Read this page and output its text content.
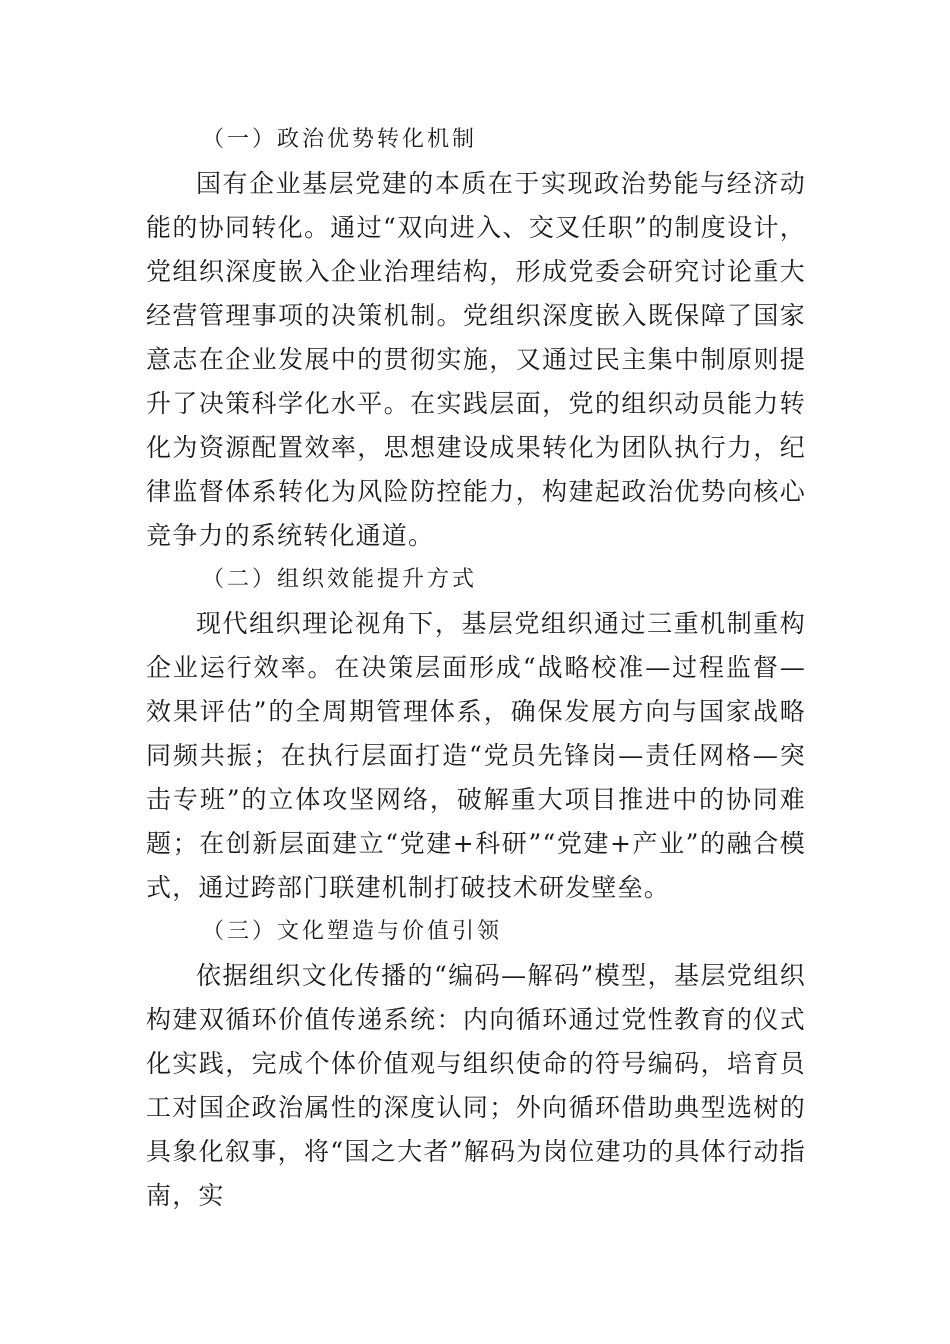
（一）政治优势转化机制

国有企业基层党建的本质在于实现政治势能与经济动能的协同转化。通过“双向进入、交叉任职”的制度设计，党组织深度嵌入企业治理结构，形成党委会研究讨论重大经营管理事项的决策机制。党组织深度嵌入既保障了国家意志在企业发展中的贯彻实施，又通过民主集中制原则提升了决策科学化水平。在实践层面，党的组织动员能力转化为资源配置效率，思想建设成果转化为团队执行力，纪律监督体系转化为风险防控能力，构建起政治优势向核心竞争力的系统转化通道。

（二）组织效能提升方式

现代组织理论视角下，基层党组织通过三重机制重构企业运行效率。在决策层面形成“战略校准—过程监督—效果评估”的全周期管理体系，确保发展方向与国家战略同频共振；在执行层面打造“党员先锋岗—责任网格—突击专班”的立体攻坚网络，破解重大项目推进中的协同难题；在创新层面建立“党建+科研”“党建+产业”的融合模式，通过跨部门联建机制打破技术研发壁垒。

（三）文化塑造与价值引领

依据组织文化传播的“编码—解码”模型，基层党组织构建双循环价值传递系统：内向循环通过党性教育的仪式化实践，完成个体价值观与组织使命的符号编码，培育员工对国企政治属性的深度认同；外向循环借助典型选树的具象化叙事，将“国之大者”解码为岗位建功的具体行动指南，实
